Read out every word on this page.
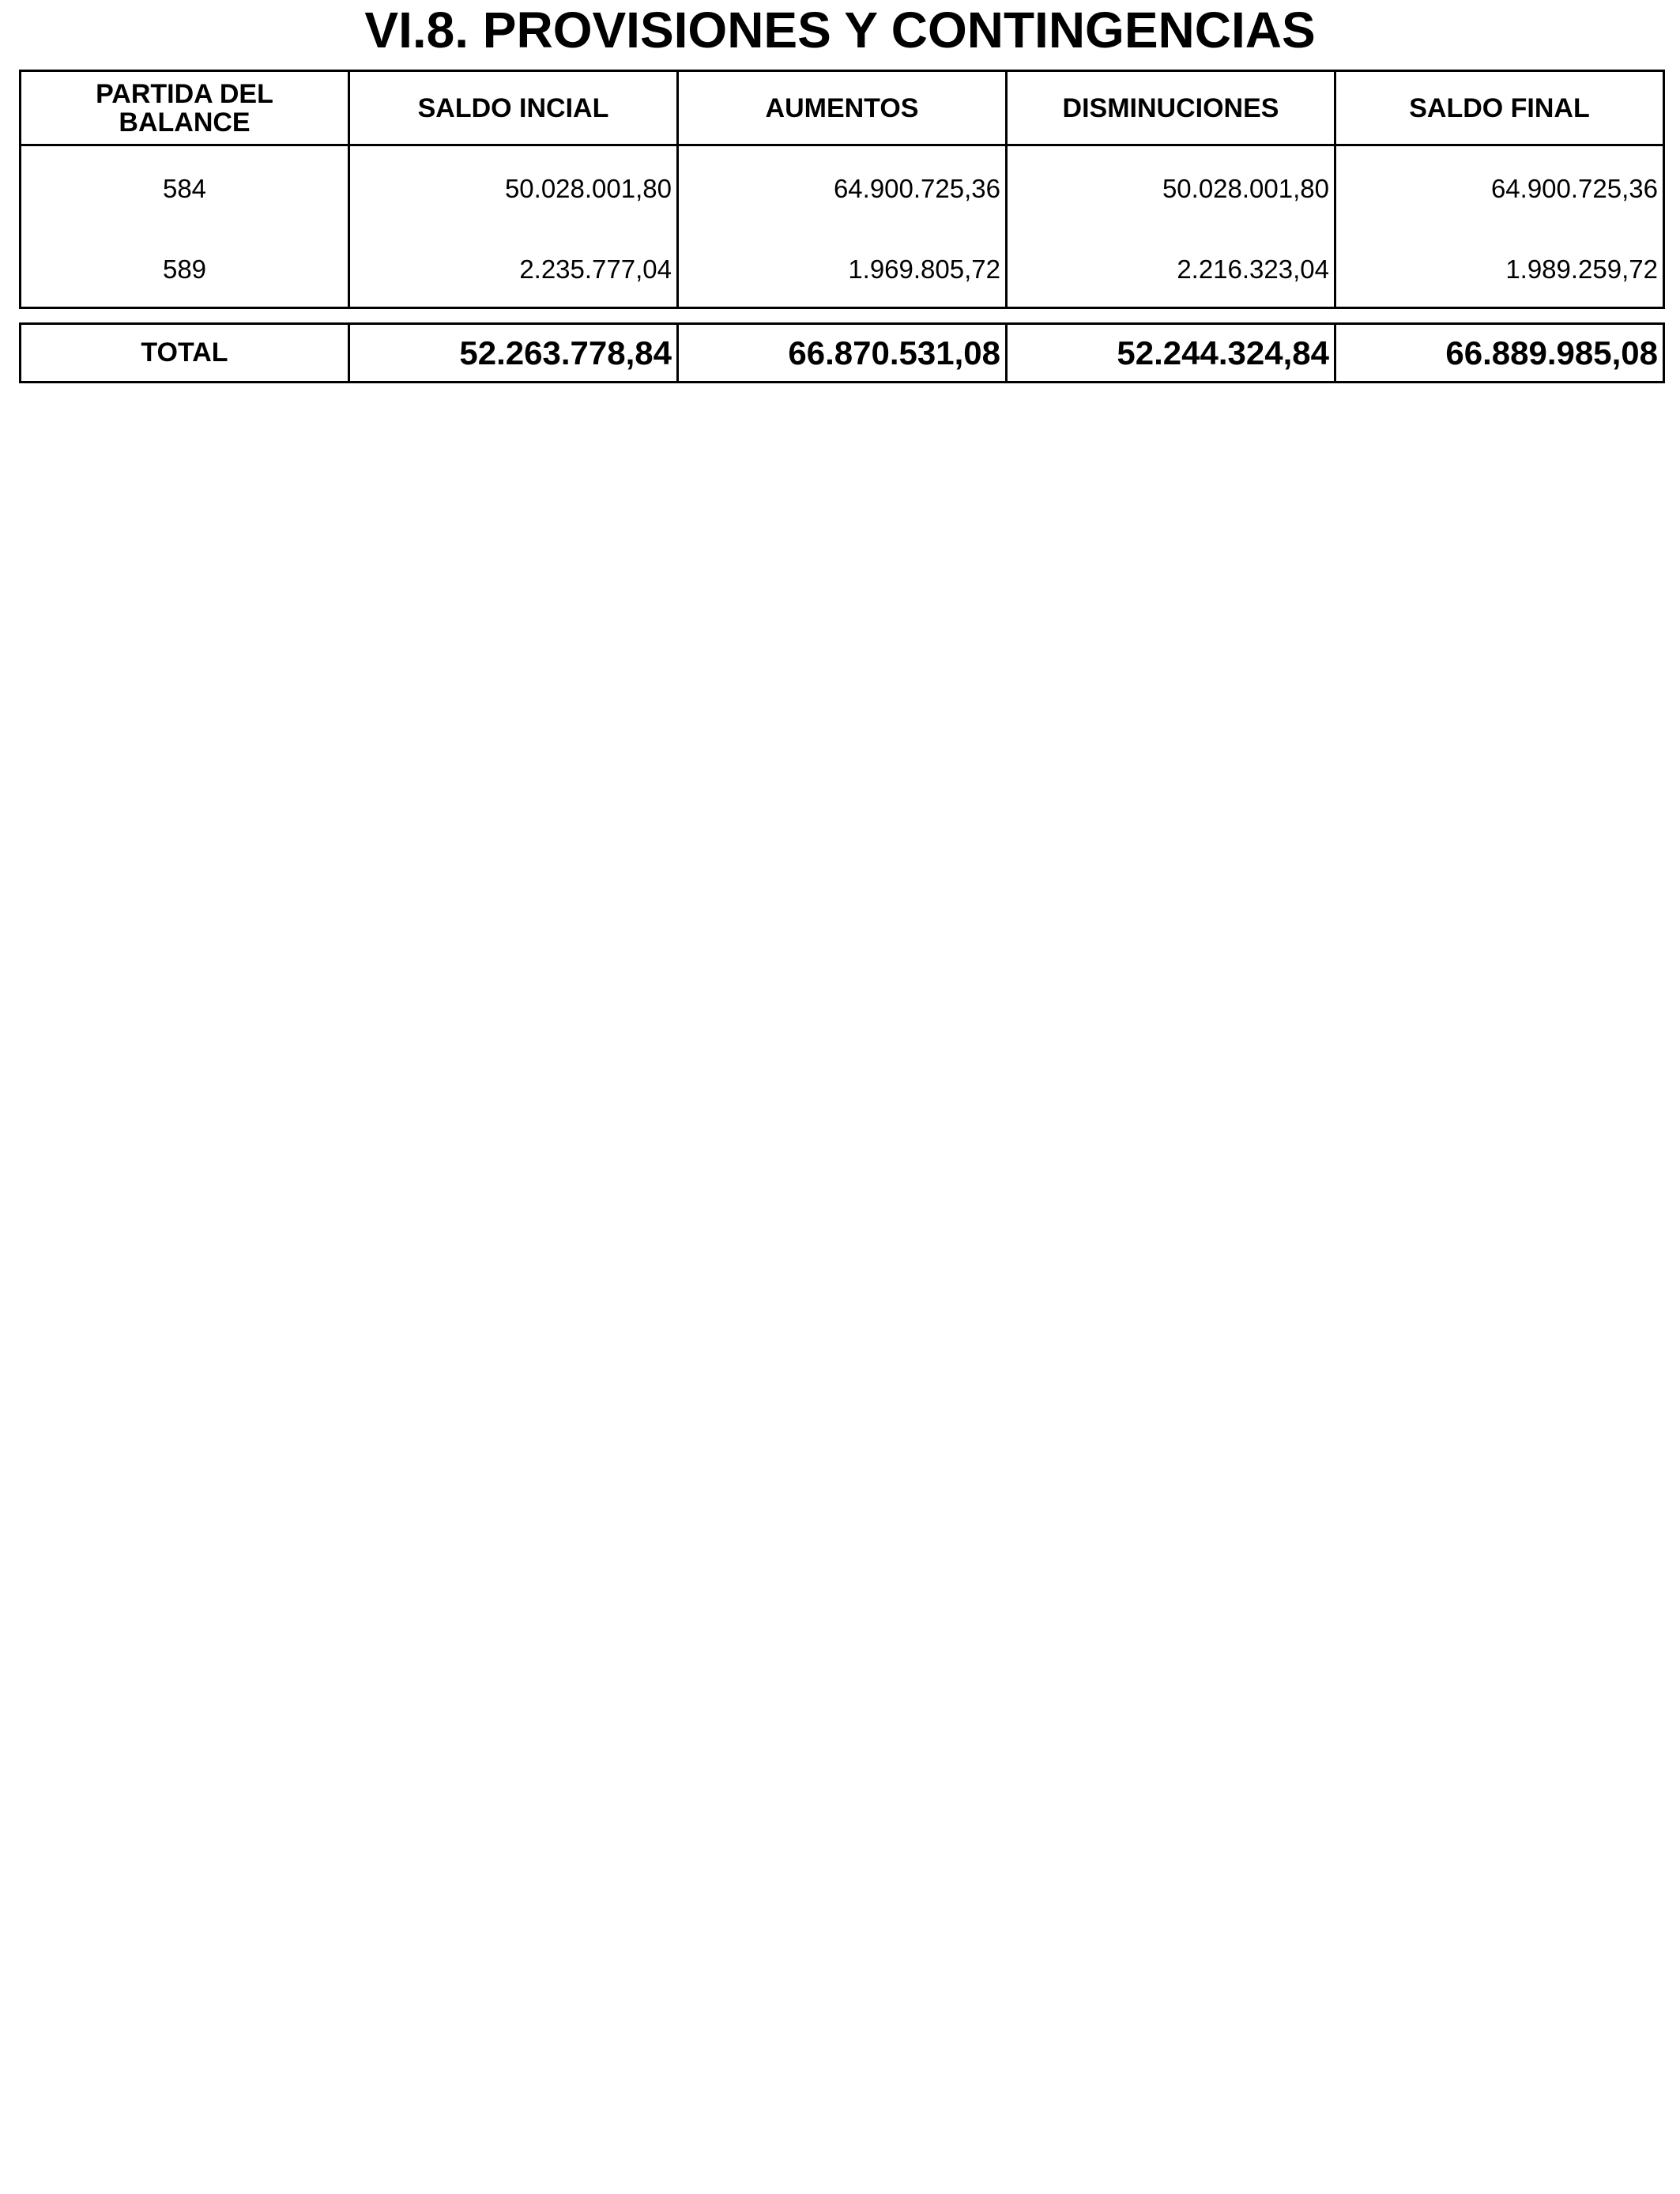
VI.8. PROVISIONES Y CONTINGENCIAS
PARTIDA DEL BALANCE	SALDO INCIAL	AUMENTOS	DISMINUCIONES	SALDO FINAL
584	50.028.001,80	64.900.725,36	50.028.001,80	64.900.725,36
589	2.235.777,04	1.969.805,72	2.216.323,04	1.989.259,72
TOTAL	52.263.778,84	66.870.531,08	52.244.324,84	66.889.985,08
